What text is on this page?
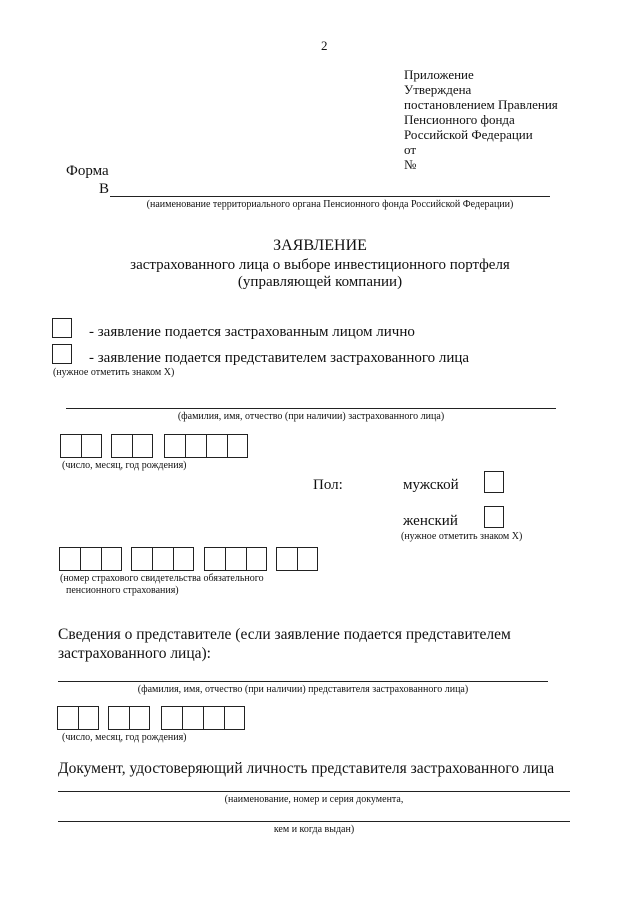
2
Приложение
Утверждена
постановлением Правления
Пенсионного фонда
Российской Федерации
от
№
Форма
В
(наименование территориального органа Пенсионного фонда Российской Федерации)
ЗАЯВЛЕНИЕ
застрахованного лица о выборе инвестиционного портфеля
(управляющей компании)
- заявление подается застрахованным лицом лично
- заявление подается представителем застрахованного лица
(нужное отметить знаком X)
(фамилия, имя, отчество (при наличии) застрахованного лица)
(число, месяц, год рождения)
Пол:	мужской
женский
(нужное отметить знаком X)
(номер страхового свидетельства обязательного
пенсионного страхования)
Сведения о представителе (если заявление подается представителем
застрахованного лица):
(фамилия, имя, отчество (при наличии) представителя застрахованного лица)
(число, месяц, год рождения)
Документ, удостоверяющий личность представителя застрахованного лица
(наименование, номер и серия документа,
кем и когда выдан)
